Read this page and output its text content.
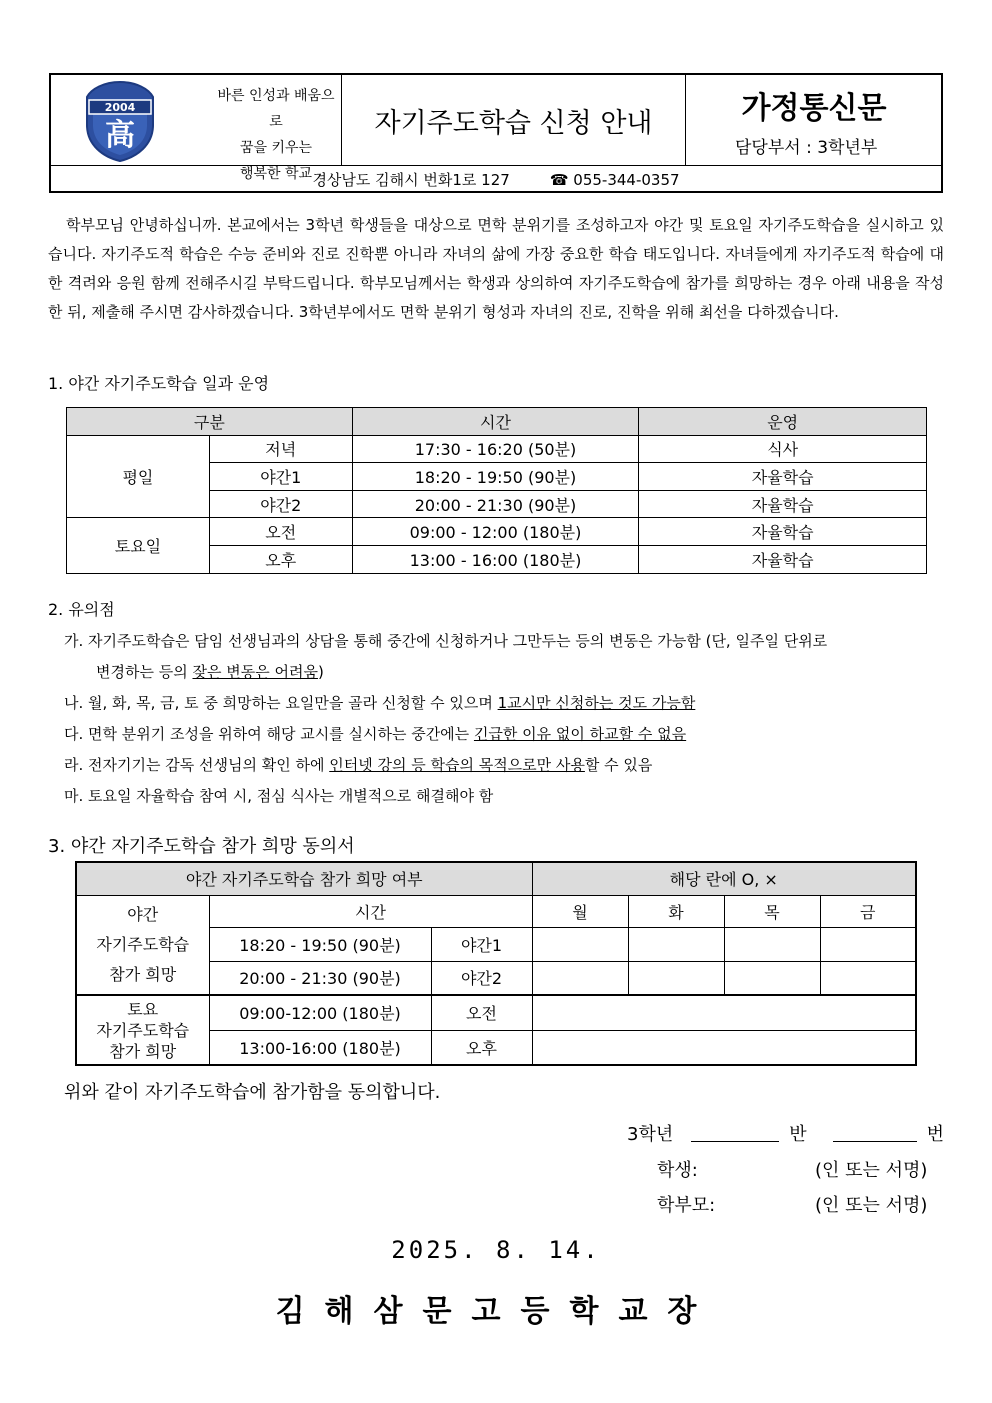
2004
高
바른 인성과 배움으로
꿈을 키우는
행복한 학교
자기주도학습 신청 안내	가정통신문
담당부서 : 3학년부
경상남도 김해시 번화1로 127	☎ 055-344-0357

학부모님 안녕하십니까. 본교에서는 3학년 학생들을 대상으로 면학 분위기를 조성하고자 야간 및 토요일 자기주도학습을 실시하고 있습니다. 자기주도적 학습은 수능 준비와 진로 진학뿐 아니라 자녀의 삶에 가장 중요한 학습 태도입니다. 자녀들에게 자기주도적 학습에 대한 격려와 응원 함께 전해주시길 부탁드립니다. 학부모님께서는 학생과 상의하여 자기주도학습에 참가를 희망하는 경우 아래 내용을 작성한 뒤, 제출해 주시면 감사하겠습니다. 3학년부에서도 면학 분위기 형성과 자녀의 진로, 진학을 위해 최선을 다하겠습니다.

1. 야간 자기주도학습 일과 운영
구분		시간	운영
평일	저녁	17:30 - 16:20 (50분)	식사
	야간1	18:20 - 19:50 (90분)	자율학습
	야간2	20:00 - 21:30 (90분)	자율학습
토요일	오전	09:00 - 12:00 (180분)	자율학습
	오후	13:00 - 16:00 (180분)	자율학습
2. 유의점
가. 자기주도학습은 담임 선생님과의 상담을 통해 중간에 신청하거나 그만두는 등의 변동은 가능함 (단, 일주일 단위로
변경하는 등의 잦은 변동은 어려움)
나. 월, 화, 목, 금, 토 중 희망하는 요일만을 골라 신청할 수 있으며 1교시만 신청하는 것도 가능함
다. 면학 분위기 조성을 위하여 해당 교시를 실시하는 중간에는 긴급한 이유 없이 하교할 수 없음
라. 전자기기는 감독 선생님의 확인 하에 인터넷 강의 등 학습의 목적으로만 사용할 수 있음
마. 토요일 자율학습 참여 시, 점심 식사는 개별적으로 해결해야 함
3. 야간 자기주도학습 참가 희망 동의서
야간 자기주도학습 참가 희망 여부			해당 란에 O, ×			

야간
자기주도학습
참가 희망	시간		월	화	목	금
	18:20 - 19:50 (90분)	야간1				
	20:00 - 21:30 (90분)	야간2				

토요
자기주도학습
참가 희망	09:00-12:00 (180분)	오전				
	13:00-16:00 (180분)	오후				
위와 같이 자기주도학습에 참가함을 동의합니다.
3학년	반	번
학생:	(인 또는 서명)
학부모:	(인 또는 서명)
2025. 8. 14.
김해삼문고등학교장
